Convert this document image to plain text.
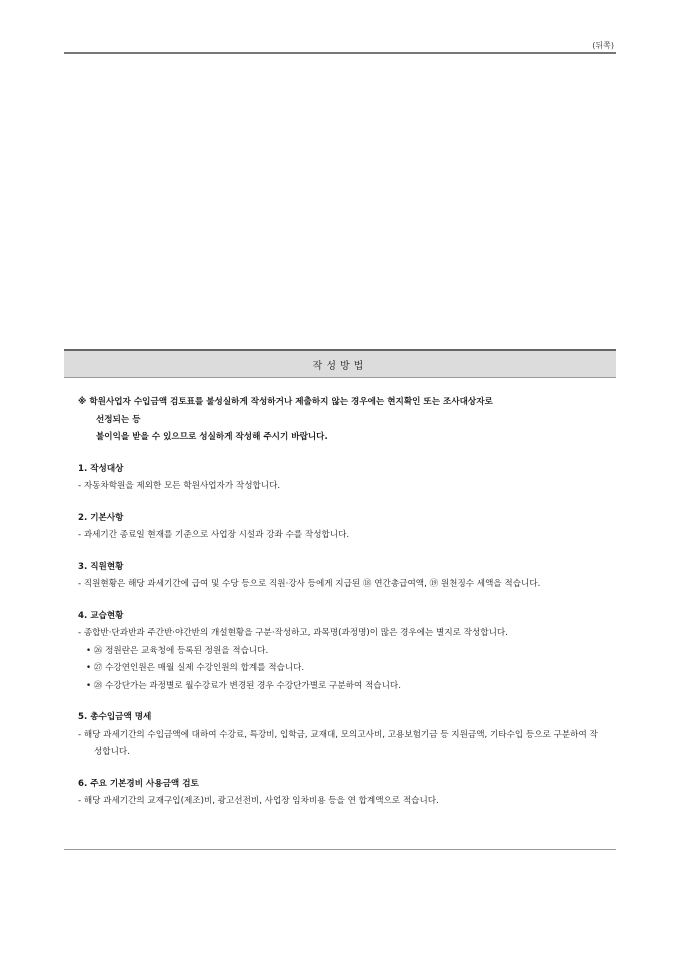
(뒤쪽)
작성방법
※ 학원사업자 수입금액 검토표를 불성실하게 작성하거나 제출하지 않는 경우에는 현지확인 또는 조사대상자로
선정되는 등
불이익을 받을 수 있으므로 성실하게 작성해 주시기 바랍니다.
1. 작성대상
- 자동차학원을 제외한 모든 학원사업자가 작성합니다.
2. 기본사항
- 과세기간 종료일 현재를 기준으로 사업장 시설과 강좌 수를 작성합니다.
3. 직원현황
- 직원현황은 해당 과세기간에 급여 및 수당 등으로 직원·강사 등에게 지급된 ⑱ 연간총급여액, ⑲ 원천징수 세액을 적습니다.
4. 교습현황
- 종합반·단과반과 주간반·야간반의 개설현황을 구분·작성하고, 과목명(과정명)이 많은 경우에는 별지로 작성합니다.
• ㉖ 정원란은 교육청에 등록된 정원을 적습니다.
• ㉗ 수강연인원은 매월 실제 수강인원의 합계를 적습니다.
• ㉘ 수강단가는 과정별로 월수강료가 변경된 경우 수강단가별로 구분하여 적습니다.
5. 총수입금액 명세
- 해당 과세기간의 수입금액에 대하여 수강료, 특강비, 입학금, 교재대, 모의고사비, 고용보험기금 등 지원금액, 기타수입 등으로 구분하여 작성합니다.
6. 주요 기본경비 사용금액 검토
- 해당 과세기간의 교재구입(제조)비, 광고선전비, 사업장 임차비용 등을 연 합계액으로 적습니다.
